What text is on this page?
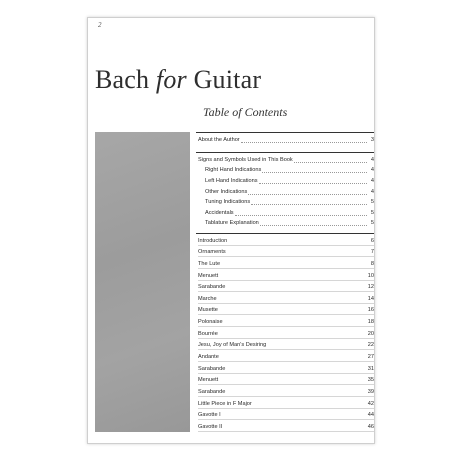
2
Bach for Guitar
Table of Contents
About the Author	3
Signs and Symbols Used in This Book	4
Right Hand Indications	4
Left Hand Indications	4
Other Indications	4
Tuning Indications	5
Accidentals	5
Tablature Explanation	5
Introduction	6
Ornaments	7
The Lute	8
Menuett	10
Sarabande	12
Marche	14
Musette	16
Polonaise	18
Bourrée	20
Jesu, Joy of Man's Desiring	22
Andante	27
Sarabande	31
Menuett	35
Sarabande	39
Little Piece in F Major	42
Gavotte I	44
Gavotte II	46
